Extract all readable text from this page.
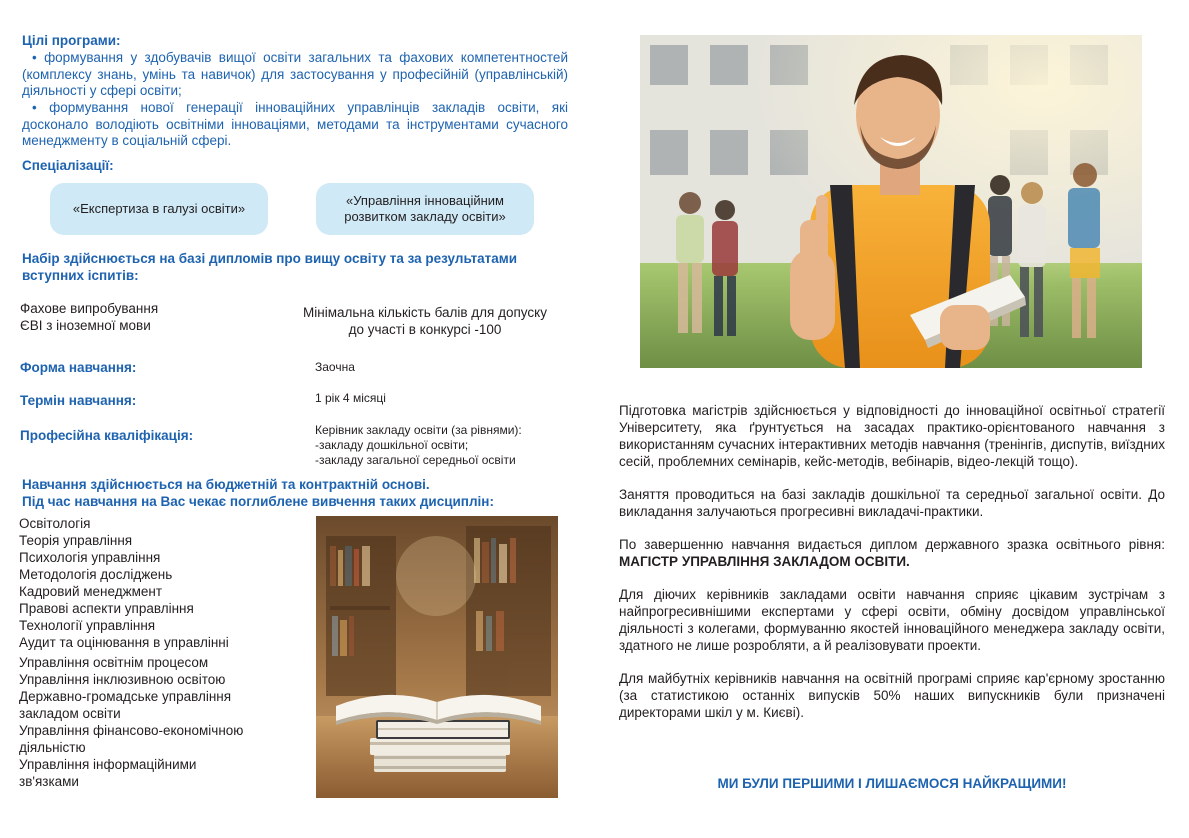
Цілі програми:
• формування у здобувачів вищої освіти загальних та фахових компетентностей (комплексу знань, умінь та навичок) для застосування у професійній (управлінській) діяльності у сфері освіти;
• формування нової генерації інноваційних управлінців закладів освіти, які досконало володіють освітніми інноваціями, методами та інструментами сучасного менеджменту в соціальній сфері.
Спеціалізації:
«Експертиза в галузі освіти»
«Управління інноваційним розвитком закладу освіти»
Набір здійснюється на базі дипломів про вищу освіту та за результатами вступних іспитів:
Фахове випробування
ЄВІ з іноземної мови
Мінімальна кількість балів для допуску до участі в конкурсі -100
Форма навчання:	Заочна
Термін навчання:	1 рік 4 місяці
Професійна кваліфікація:	Керівник закладу освіти (за рівнями):
-закладу дошкільної освіти;
-закладу загальної середньої освіти
Навчання здійснюється на бюджетній та контрактній основі.
Під час навчання на Вас чекає поглиблене вивчення таких дисциплін:
Освітологія
Теорія управління
Психологія управління
Методологія досліджень
Кадровий менеджмент
Правові аспекти управління
Технології управління
Аудит та оцінювання в управлінні
Управління освітнім процесом
Управління інклюзивною освітою
Державно-громадське управління закладом освіти
Управління фінансово-економічною діяльністю
Управління інформаційними зв'язками

Підготовка магістрів здійснюється у відповідності до інноваційної освітньої стратегії Університету, яка ґрунтується на засадах практико-орієнтованого навчання з використанням сучасних інтерактивних методів навчання (тренінгів, диспутів, виїздних сесій, проблемних семінарів, кейс-методів, вебінарів, відео-лекцій тощо).

Заняття проводиться на базі закладів дошкільної та середньої загальної освіти. До викладання залучаються прогресивні викладачі-практики.

По завершенню навчання видається диплом державного зразка освітнього рівня: МАГІСТР УПРАВЛІННЯ ЗАКЛАДОМ ОСВІТИ.

Для діючих керівників закладами освіти навчання сприяє цікавим зустрічам з найпрогресивнішими експертами у сфері освіти, обміну досвідом управлінської діяльності з колегами, формуванню якостей інноваційного менеджера закладу освіти, здатного не лише розробляти, а й реалізовувати проекти.

Для майбутніх керівників навчання на освітній програмі сприяє кар'єрному зростанню (за статистикою останніх випусків 50% наших випускників були призначені директорами шкіл у м. Києві).

МИ БУЛИ ПЕРШИМИ І ЛИШАЄМОСЯ НАЙКРАЩИМИ!
